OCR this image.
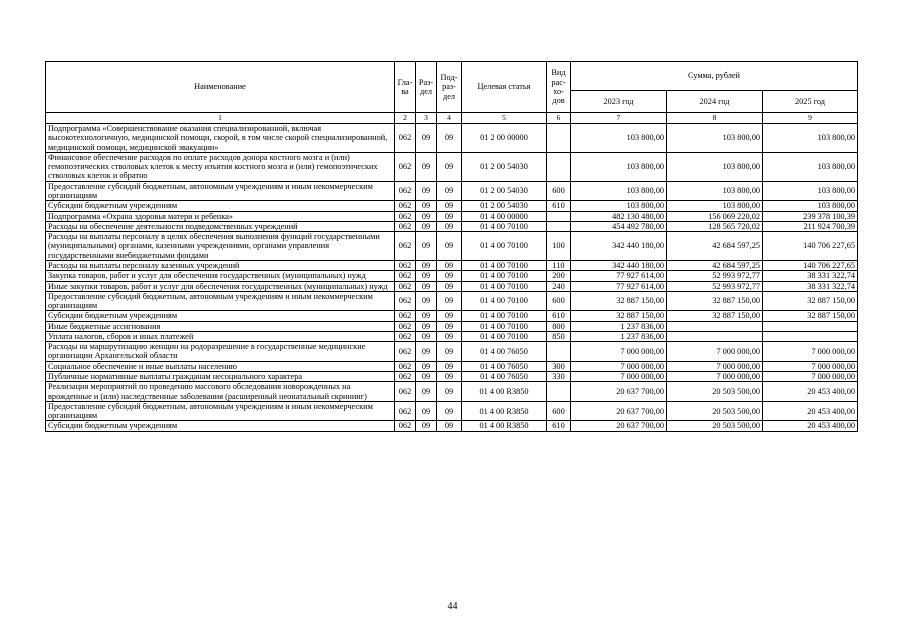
Наименование	Гла-ва	Раз-дел	Под-раз-дел	Целевая статья	Вид рас-хо-дов	Сумма, рублей		
						2023 год	2024 год	2025 год
1	2	3	4	5	6	7	8	9
Подпрограмма «Совершенствование оказания специализированной, включая высокотехнологичную, медицинской помощи, скорой, в том числе скорой специализированной, медицинской помощи, медицинской эвакуации»	062	09	09	01 2 00 00000		103 800,00	103 800,00	103 800,00
Финансовое обеспечение расходов по оплате расходов донора костного мозга и (или) гемопоэтических стволовых клеток к месту изъятия костного мозга и (или) гемопоэтических стволовых клеток и обратно	062	09	09	01 2 00 54030		103 800,00	103 800,00	103 800,00
Предоставление субсидий бюджетным, автономным учреждениям и иным некоммерческим организациям	062	09	09	01 2 00 54030	600	103 800,00	103 800,00	103 800,00
Субсидии бюджетным учреждениям	062	09	09	01 2 00 54030	610	103 800,00	103 800,00	103 800,00
Подпрограмма «Охрана здоровья матери и ребенка»	062	09	09	01 4 00 00000		482 130 480,00	156 069 220,02	239 378 100,39
Расходы на обеспечение деятельности подведомственных учреждений	062	09	09	01 4 00 70100		454 492 780,00	128 565 720,02	211 924 700,39
Расходы на выплаты персоналу в целях обеспечения выполнения функций государственными (муниципальными) органами, казенными учреждениями, органами управления государственными внебюджетными фондами	062	09	09	01 4 00 70100	100	342 440 180,00	42 684 597,25	140 706 227,65
Расходы на выплаты персоналу казенных учреждений	062	09	09	01 4 00 70100	110	342 440 180,00	42 684 597,25	140 706 227,65
Закупка товаров, работ и услуг для обеспечения государственных (муниципальных) нужд	062	09	09	01 4 00 70100	200	77 927 614,00	52 993 972,77	38 331 322,74
Иные закупки товаров, работ и услуг для обеспечения государственных (муниципальных) нужд	062	09	09	01 4 00 70100	240	77 927 614,00	52 993 972,77	38 331 322,74
Предоставление субсидий бюджетным, автономным учреждениям и иным некоммерческим организациям	062	09	09	01 4 00 70100	600	32 887 150,00	32 887 150,00	32 887 150,00
Субсидии бюджетным учреждениям	062	09	09	01 4 00 70100	610	32 887 150,00	32 887 150,00	32 887 150,00
Иные бюджетные ассигнования	062	09	09	01 4 00 70100	800	1 237 836,00		
Уплата налогов, сборов и иных платежей	062	09	09	01 4 00 70100	850	1 237 836,00		
Расходы на маршрутизацию женщин на родоразрешение в государственные медицинские организации Архангельской области	062	09	09	01 4 00 76050		7 000 000,00	7 000 000,00	7 000 000,00
Социальное обеспечение и иные выплаты населению	062	09	09	01 4 00 76050	300	7 000 000,00	7 000 000,00	7 000 000,00
Публичные нормативные выплаты гражданам несоциального характера	062	09	09	01 4 00 76050	330	7 000 000,00	7 000 000,00	7 000 000,00
Реализация мероприятий по проведению массового обследования новорожденных на врожденные и (или) наследственные заболевания (расширенный неонатальный скрининг)	062	09	09	01 4 00 R3850		20 637 700,00	20 503 500,00	20 453 400,00
Предоставление субсидий бюджетным, автономным учреждениям и иным некоммерческим организациям	062	09	09	01 4 00 R3850	600	20 637 700,00	20 503 500,00	20 453 400,00
Субсидии бюджетным учреждениям	062	09	09	01 4 00 R3850	610	20 637 700,00	20 503 500,00	20 453 400,00
44
